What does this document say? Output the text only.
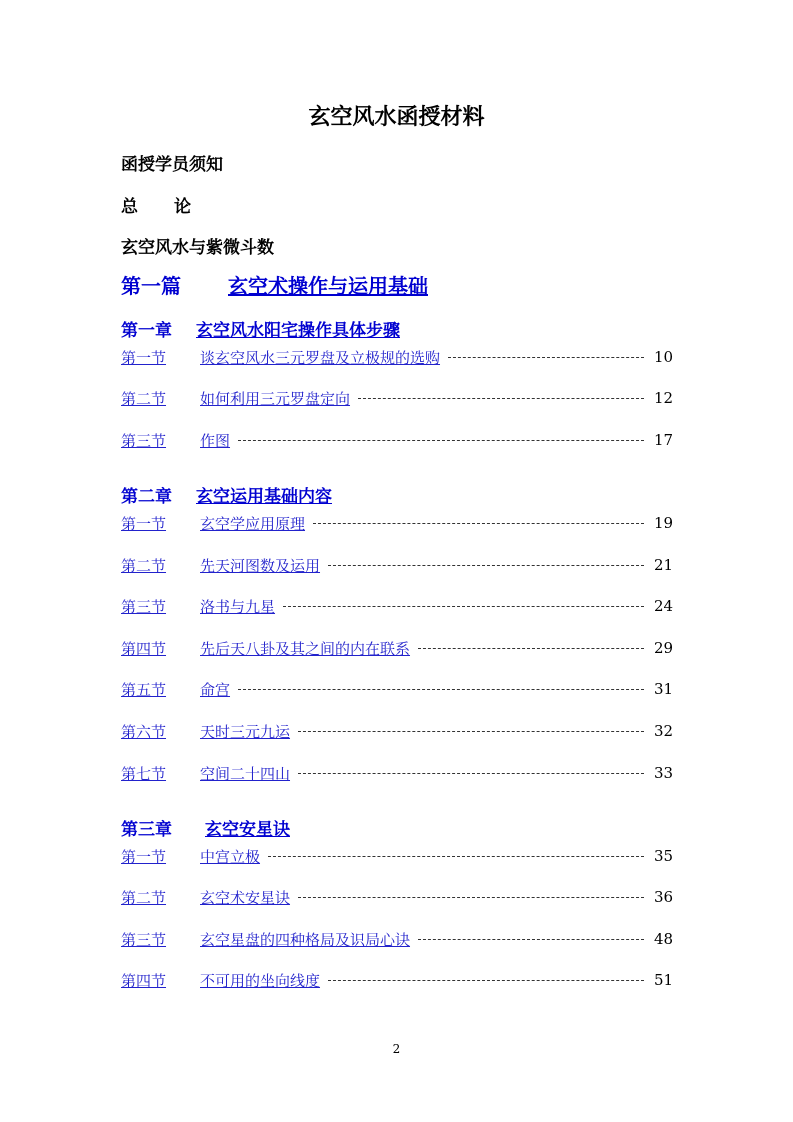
玄空风水函授材料
函授学员须知
总 论
玄空风水与紫微斗数
第一篇 玄空术操作与运用基础
第一章 玄空风水阳宅操作具体步骤
第一节	谈玄空风水三元罗盘及立极规的选购	10
第二节	如何利用三元罗盘定向	12
第三节	作图	17
第二章 玄空运用基础内容
第一节	玄空学应用原理	19
第二节	先天河图数及运用	21
第三节	洛书与九星	24
第四节	先后天八卦及其之间的内在联系	29
第五节	命宫	31
第六节	天时三元九运	32
第七节	空间二十四山	33
第三章 玄空安星诀
第一节	中宫立极	35
第二节	玄空术安星诀	36
第三节	玄空星盘的四种格局及识局心诀	48
第四节	不可用的坐向线度	51
2
